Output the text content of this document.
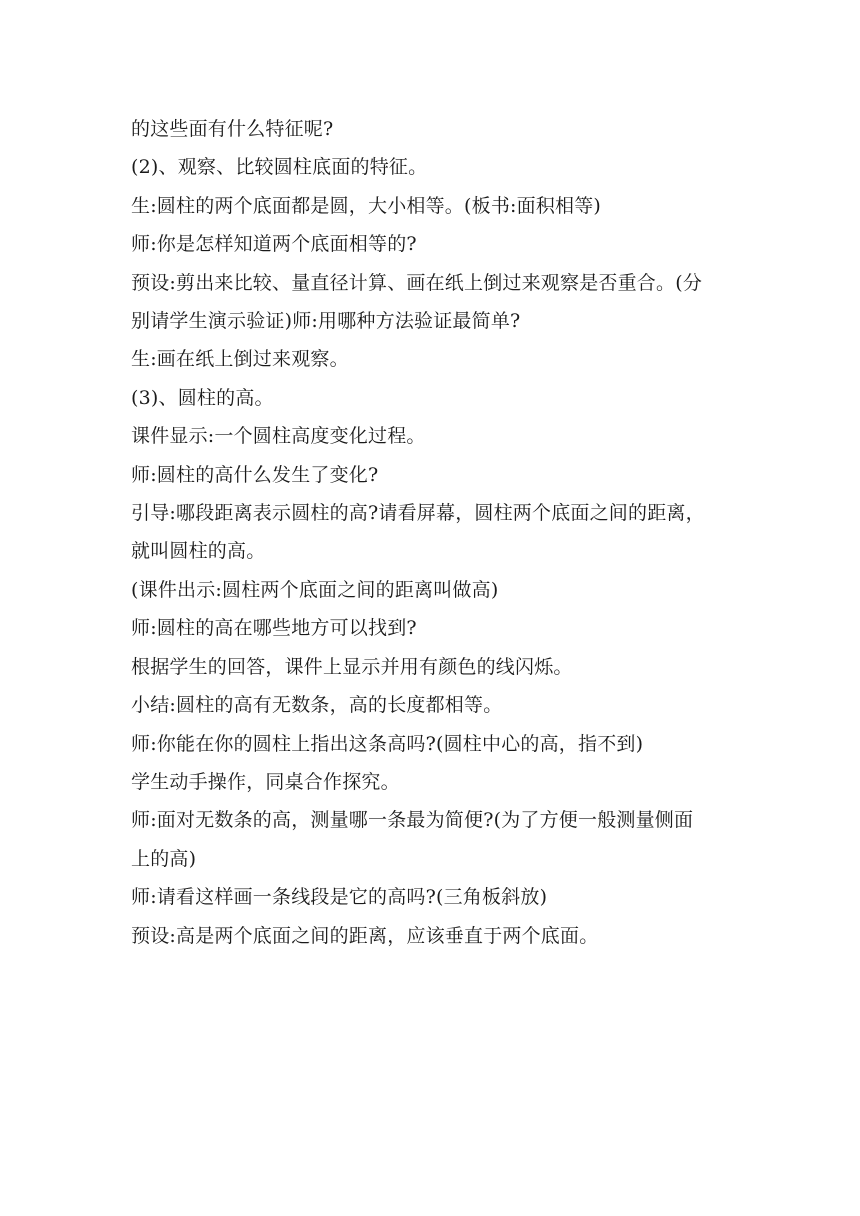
的这些面有什么特征呢?
(2)、观察、比较圆柱底面的特征。
生:圆柱的两个底面都是圆，大小相等。(板书:面积相等)
师:你是怎样知道两个底面相等的?
预设:剪出来比较、量直径计算、画在纸上倒过来观察是否重合。(分
别请学生演示验证)师:用哪种方法验证最简单?
生:画在纸上倒过来观察。
(3)、圆柱的高。
课件显示:一个圆柱高度变化过程。
师:圆柱的高什么发生了变化?
引导:哪段距离表示圆柱的高?请看屏幕，圆柱两个底面之间的距离，
就叫圆柱的高。
(课件出示:圆柱两个底面之间的距离叫做高)
师:圆柱的高在哪些地方可以找到?
根据学生的回答，课件上显示并用有颜色的线闪烁。
小结:圆柱的高有无数条，高的长度都相等。
师:你能在你的圆柱上指出这条高吗?(圆柱中心的高，指不到)
学生动手操作，同桌合作探究。
师:面对无数条的高，测量哪一条最为简便?(为了方便一般测量侧面
上的高)
师:请看这样画一条线段是它的高吗?(三角板斜放)
预设:高是两个底面之间的距离，应该垂直于两个底面。
